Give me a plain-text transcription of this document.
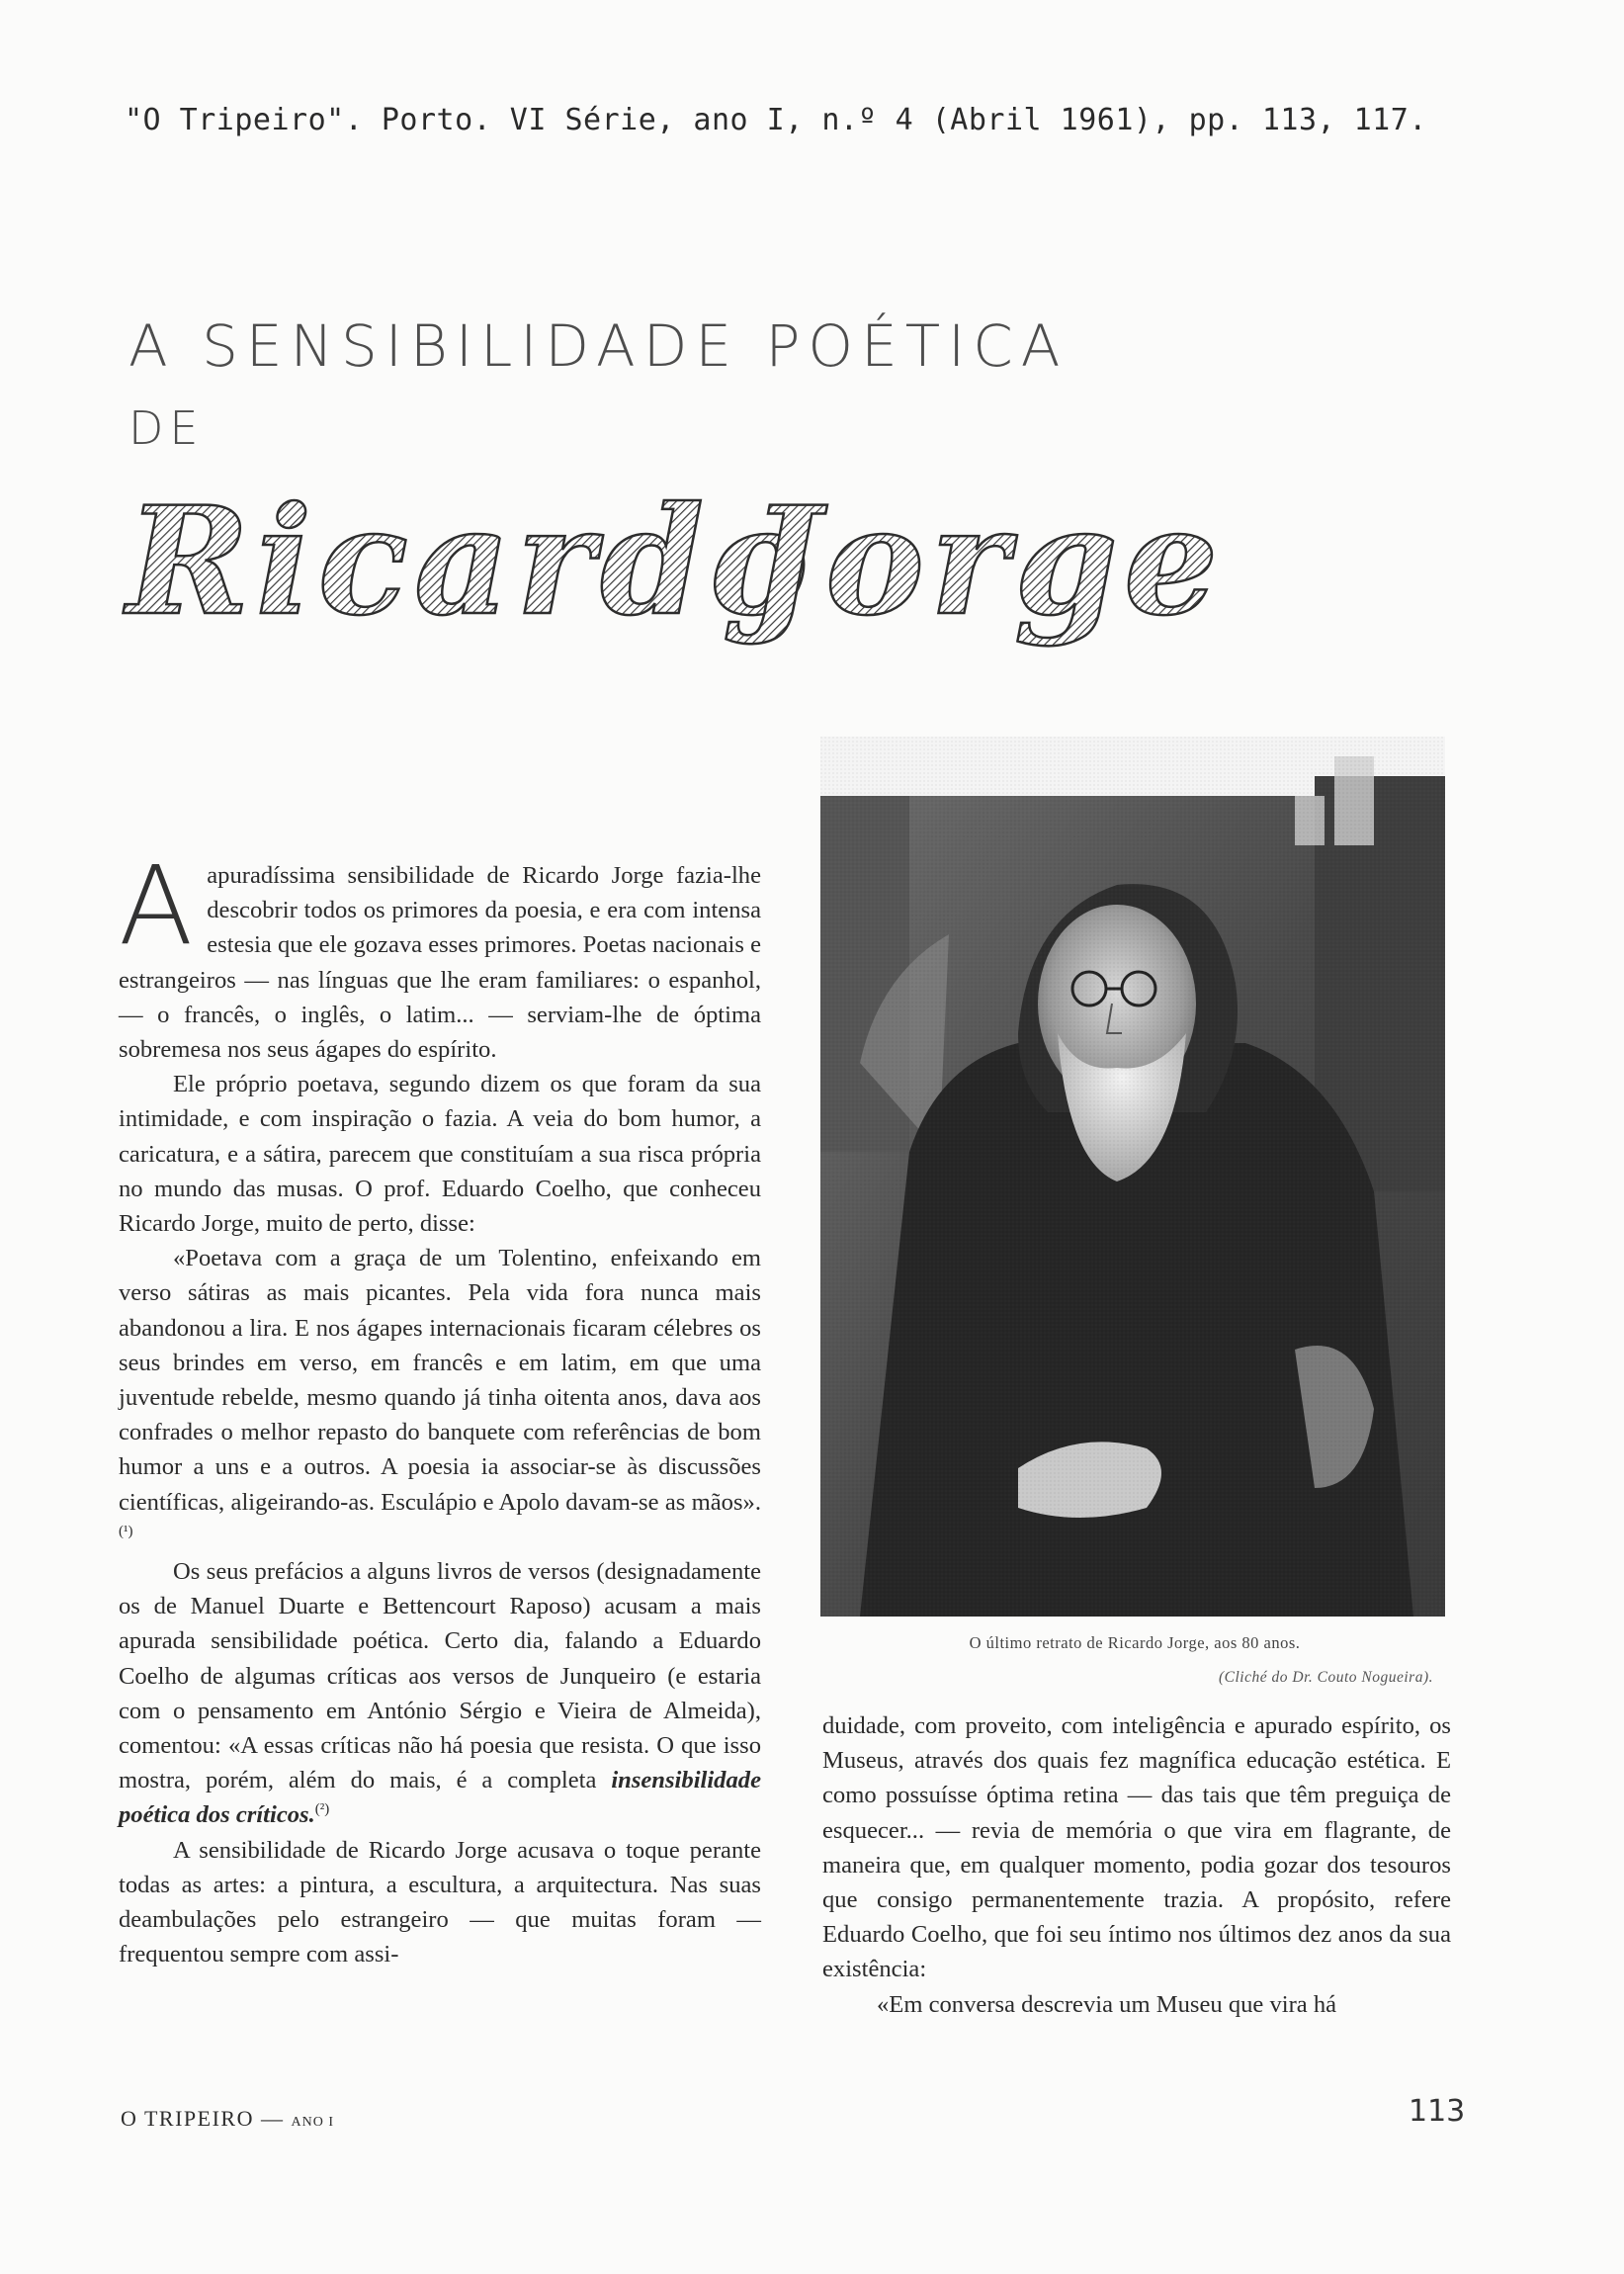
"O Tripeiro". Porto. VI Série, ano I, n.º 4 (Abril 1961), pp. 113, 117.
A SENSIBILIDADE POÉTICA
DE
Ricardo
Jorge

Aapuradíssima sensibilidade de Ricardo Jorge fazia-lhe descobrir todos os primores da poesia, e era com intensa estesia que ele gozava esses primores. Poetas nacionais e estrangeiros — nas línguas que lhe eram familiares: o espanhol, — o francês, o inglês, o latim... — serviam-lhe de óptima sobremesa nos seus ágapes do espírito.

Ele próprio poetava, segundo dizem os que foram da sua intimidade, e com inspiração o fazia. A veia do bom humor, a caricatura, e a sátira, parecem que constituíam a sua risca própria no mundo das musas. O prof. Eduardo Coelho, que conheceu Ricardo Jorge, muito de perto, disse:

«Poetava com a graça de um Tolentino, enfeixando em verso sátiras as mais picantes. Pela vida fora nunca mais abandonou a lira. E nos ágapes internacionais ficaram célebres os seus brindes em verso, em francês e em latim, em que uma juventude rebelde, mesmo quando já tinha oitenta anos, dava aos confrades o melhor repasto do banquete com referências de bom humor a uns e a outros. A poesia ia associar-se às discussões científicas, aligeirando-as. Esculápio e Apolo davam-se as mãos».$^{(^1)}$

Os seus prefácios a alguns livros de versos (designadamente os de Manuel Duarte e Bettencourt Raposo) acusam a mais apurada sensibilidade poética. Certo dia, falando a Eduardo Coelho de algumas críticas aos versos de Junqueiro (e estaria com o pensamento em António Sérgio e Vieira de Almeida), comentou: «A essas críticas não há poesia que resista. O que isso mostra, porém, além do mais, é a completa insensibilidade poética dos críticos.$^{(^2)}$

A sensibilidade de Ricardo Jorge acusava o toque perante todas as artes: a pintura, a escultura, a arquitectura. Nas suas deambulações pelo estrangeiro — que muitas foram — frequentou sempre com assi-

O último retrato de Ricardo Jorge, aos 80 anos.
(Cliché do Dr. Couto Nogueira).

duidade, com proveito, com inteligência e apurado espírito, os Museus, através dos quais fez magnífica educação estética. E como possuísse óptima retina — das tais que têm preguiça de esquecer... — revia de memória o que vira em flagrante, de maneira que, em qualquer momento, podia gozar dos tesouros que consigo permanentemente trazia. A propósito, refere Eduardo Coelho, que foi seu íntimo nos últimos dez anos da sua existência:

«Em conversa descrevia um Museu que vira há

O TRIPEIRO — ANO I	113
